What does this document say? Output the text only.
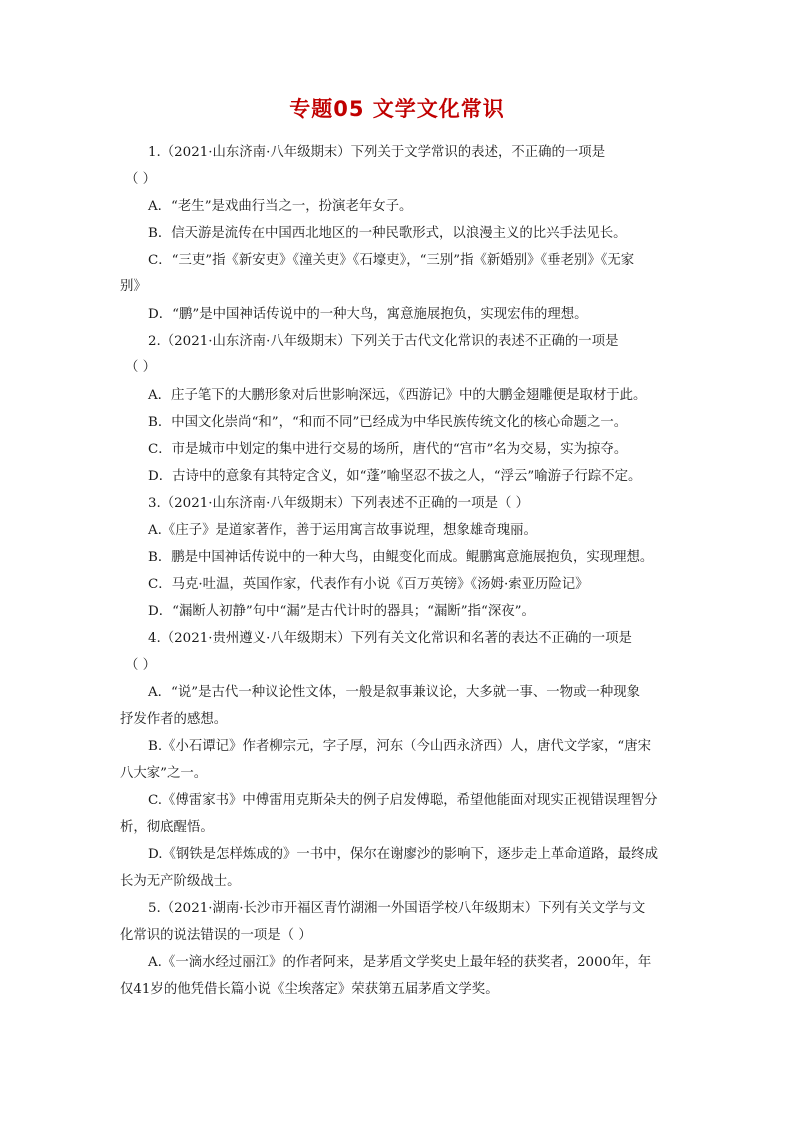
专题05 文学文化常识
1.（2021·山东济南·八年级期末）下列关于文学常识的表述，不正确的一项是
（ ）
A．“老生”是戏曲行当之一，扮演老年女子。
B．信天游是流传在中国西北地区的一种民歌形式，以浪漫主义的比兴手法见长。
C．“三吏”指《新安吏》《潼关吏》《石壕吏》，“三别”指《新婚别》《垂老别》《无家
别》
D．“鹏”是中国神话传说中的一种大鸟，寓意施展抱负，实现宏伟的理想。
2.（2021·山东济南·八年级期末）下列关于古代文化常识的表述不正确的一项是
（ ）
A．庄子笔下的大鹏形象对后世影响深远，《西游记》中的大鹏金翅雕便是取材于此。
B．中国文化崇尚“和”，“和而不同”已经成为中华民族传统文化的核心命题之一。
C．市是城市中划定的集中进行交易的场所，唐代的“宫市”名为交易，实为掠夺。
D．古诗中的意象有其特定含义，如“蓬”喻坚忍不拔之人，“浮云”喻游子行踪不定。
3.（2021·山东济南·八年级期末）下列表述不正确的一项是（ ）
A.《庄子》是道家著作，善于运用寓言故事说理，想象雄奇瑰丽。
B．鹏是中国神话传说中的一种大鸟，由鲲变化而成。鲲鹏寓意施展抱负，实现理想。
C．马克·吐温，英国作家，代表作有小说《百万英镑》《汤姆·索亚历险记》
D．“漏断人初静”句中“漏”是古代计时的器具；“漏断”指“深夜”。
4.（2021·贵州遵义·八年级期末）下列有关文化常识和名著的表达不正确的一项是
（ ）
A．“说”是古代一种议论性文体，一般是叙事兼议论，大多就一事、一物或一种现象
抒发作者的感想。
B.《小石谭记》作者柳宗元，字子厚，河东（今山西永济西）人，唐代文学家，“唐宋
八大家”之一。
C.《傅雷家书》中傅雷用克斯朵夫的例子启发傅聪，希望他能面对现实正视错误理智分
析，彻底醒悟。
D.《钢铁是怎样炼成的》一书中，保尔在谢廖沙的影响下，逐步走上革命道路，最终成
长为无产阶级战士。
5.（2021·湖南·长沙市开福区青竹湖湘一外国语学校八年级期末）下列有关文学与文
化常识的说法错误的一项是（ ）
A.《一滴水经过丽江》的作者阿来，是茅盾文学奖史上最年轻的获奖者，2000年，年
仅41岁的他凭借长篇小说《尘埃落定》荣获第五届茅盾文学奖。
